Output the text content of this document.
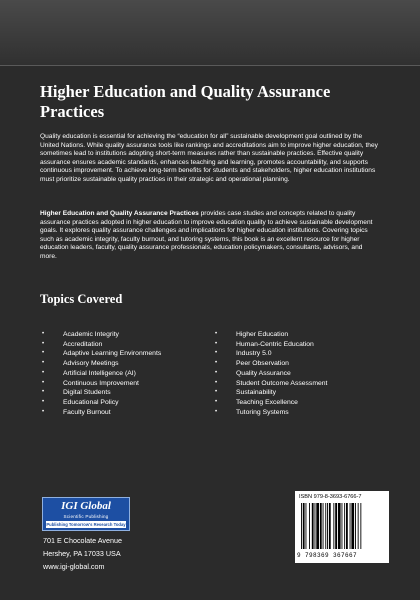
Higher Education and Quality Assurance Practices

Quality education is essential for achieving the “education for all” sustainable development goal outlined by the United Nations. While quality assurance tools like rankings and accreditations aim to improve higher education, they sometimes lead to institutions adopting short-term measures rather than sustainable practices. Effective quality assurance ensures academic standards, enhances teaching and learning, promotes accountability, and supports continuous improvement. To achieve long-term benefits for students and stakeholders, higher education institutions must prioritize sustainable quality practices in their strategic and operational planning.

Higher Education and Quality Assurance Practices provides case studies and concepts related to quality assurance practices adopted in higher education to improve education quality to achieve sustainable development goals. It explores quality assurance challenges and implications for higher education institutions. Covering topics such as academic integrity, faculty burnout, and tutoring systems, this book is an excellent resource for higher education leaders, faculty, quality assurance professionals, education policymakers, consultants, advisors, and more.

Topics Covered
•	Academic Integrity
•	Accreditation
•	Adaptive Learning Environments
•	Advisory Meetings
•	Artificial Intelligence (AI)
•	Continuous Improvement
•	Digital Students
•	Educational Policy
•	Faculty Burnout
•	Higher Education
•	Human-Centric Education
•	Industry 5.0
•	Peer Observation
•	Quality Assurance
•	Student Outcome Assessment
•	Sustainability
•	Teaching Excellence
•	Tutoring Systems
IGI Global
Scientific Publishing
Publishing Tomorrow's Research Today
701 E Chocolate Avenue
Hershey, PA 17033 USA
www.igi-global.com
ISBN 979-8-3693-6766-7
9 798369 367667
